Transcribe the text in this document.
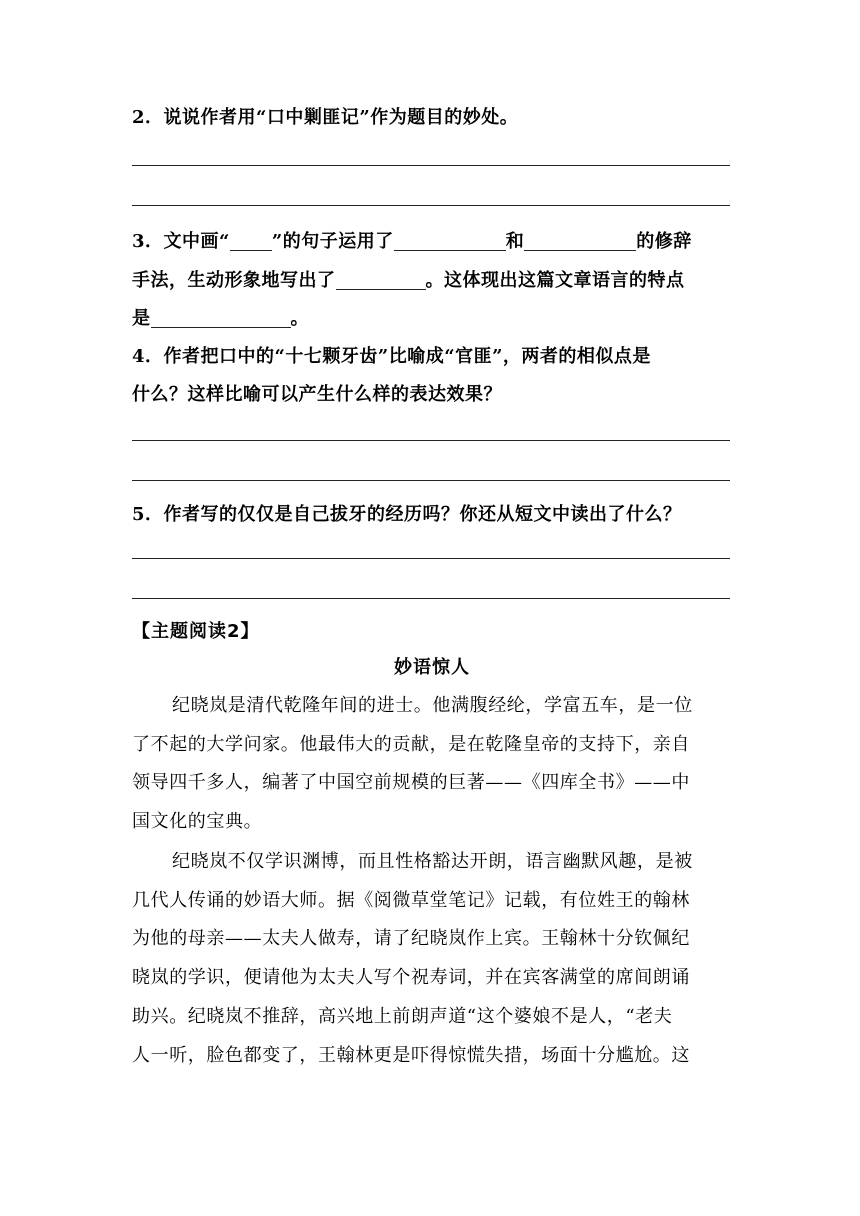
2．说说作者用“口中剿匪记”作为题目的妙处。
3．文中画“ ”的句子运用了	和	的修辞
手法，生动形象地写出了	。这体现出这篇文章语言的特点
是	。
4．作者把口中的“十七颗牙齿”比喻成“官匪”，两者的相似点是
什么？这样比喻可以产生什么样的表达效果？
5．作者写的仅仅是自己拔牙的经历吗？你还从短文中读出了什么？
【主题阅读2】
妙语惊人
纪晓岚是清代乾隆年间的进士。他满腹经纶，学富五车，是一位
了不起的大学问家。他最伟大的贡献，是在乾隆皇帝的支持下，亲自
领导四千多人，编著了中国空前规模的巨著——《四库全书》——中
国文化的宝典。
纪晓岚不仅学识渊博，而且性格豁达开朗，语言幽默风趣，是被
几代人传诵的妙语大师。据《阅微草堂笔记》记载，有位姓王的翰林
为他的母亲——太夫人做寿，请了纪晓岚作上宾。王翰林十分钦佩纪
晓岚的学识，便请他为太夫人写个祝寿词，并在宾客满堂的席间朗诵
助兴。纪晓岚不推辞，高兴地上前朗声道“这个婆娘不是人，“老夫
人一听，脸色都变了，王翰林更是吓得惊慌失措，场面十分尴尬。这
